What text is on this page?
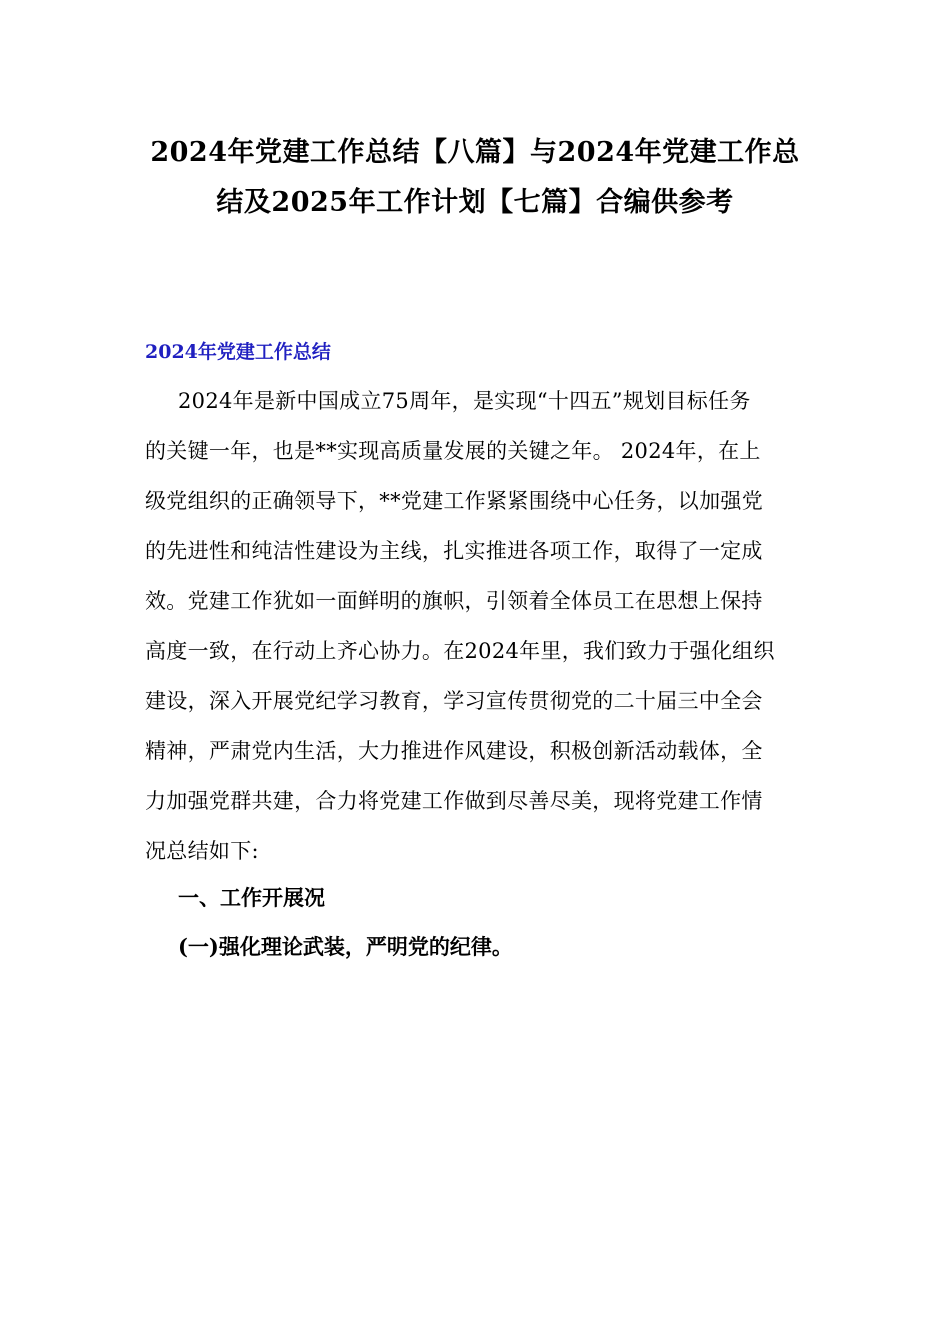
2024年党建工作总结【八篇】与2024年党建工作总
结及2025年工作计划【七篇】合编供参考
2024年党建工作总结
2024年是新中国成立75周年，是实现“十四五”规划目标任务
的关键一年，也是**实现高质量发展的关键之年。 2024年，在上
级党组织的正确领导下，**党建工作紧紧围绕中心任务，以加强党
的先进性和纯洁性建设为主线，扎实推进各项工作，取得了一定成
效。党建工作犹如一面鲜明的旗帜，引领着全体员工在思想上保持
高度一致，在行动上齐心协力。在2024年里，我们致力于强化组织
建设，深入开展党纪学习教育，学习宣传贯彻党的二十届三中全会
精神，严肃党内生活，大力推进作风建设，积极创新活动载体，全
力加强党群共建，合力将党建工作做到尽善尽美，现将党建工作情
况总结如下:
一、工作开展况
(一)强化理论武装，严明党的纪律。
